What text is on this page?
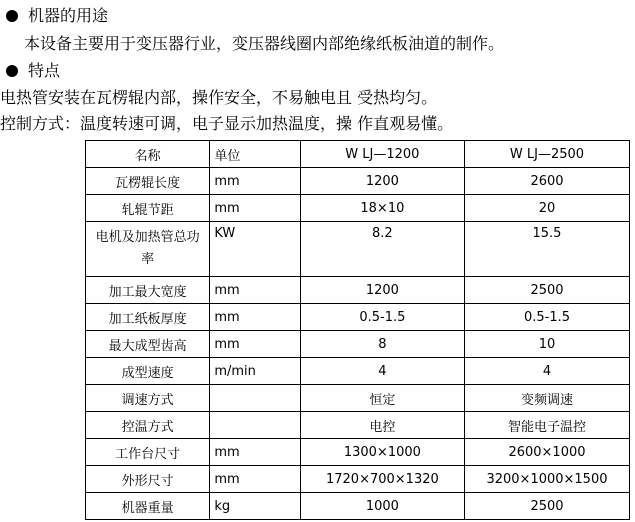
机器的用途
本设备主要用于变压器行业，变压器线圈内部绝缘纸板油道的制作。
特点
电热管安装在瓦楞辊内部，操作安全，不易触电且 受热均匀。
控制方式：温度转速可调，电子显示加热温度，操 作直观易懂。
名称	单位	W LJ—1200	W LJ—2500
瓦楞辊长度	mm	1200	2600
轧辊节距	mm	18×10	20
电机及加热管总功率	KW	8.2	15.5
加工最大宽度	mm	1200	2500
加工纸板厚度	mm	0.5-1.5	0.5-1.5
最大成型齿高	mm	8	10
成型速度	m/min	4	4
调速方式		恒定	变频调速
控温方式		电控	智能电子温控
工作台尺寸	mm	1300×1000	2600×1000
外形尺寸	mm	1720×700×1320	3200×1000×1500
机器重量	kg	1000	2500
